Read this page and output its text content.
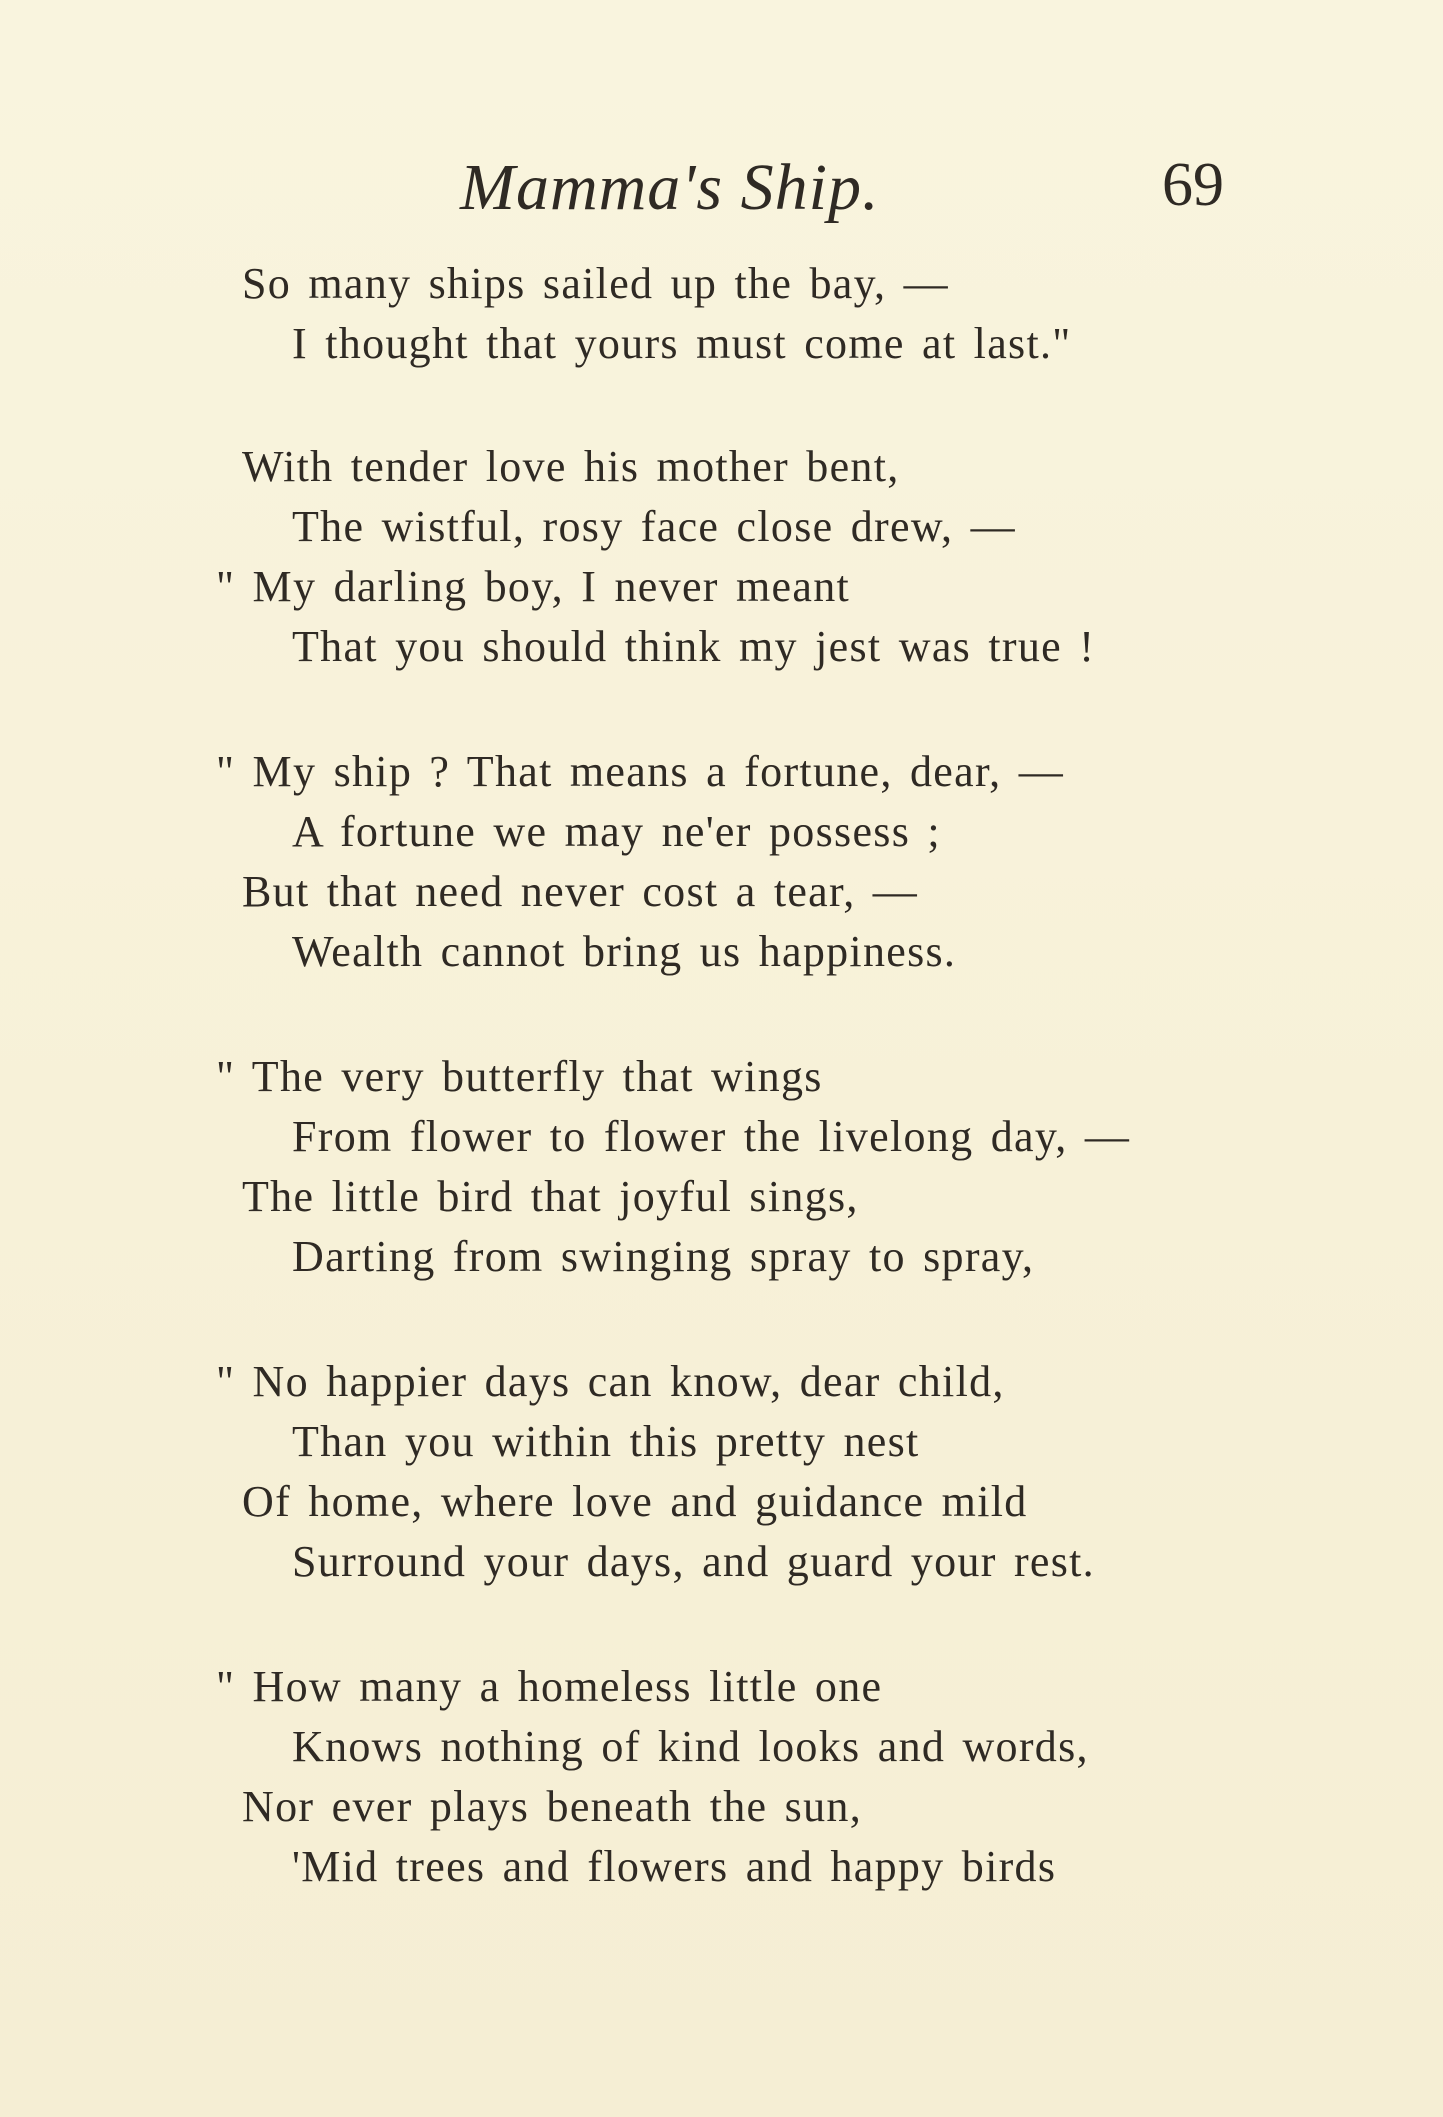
Mamma's Ship.	69
So many ships sailed up the bay, —
I thought that yours must come at last."
With tender love his mother bent,
The wistful, rosy face close drew, —
" My darling boy, I never meant
That you should think my jest was true !
" My ship ? That means a fortune, dear, —
A fortune we may ne'er possess ;
But that need never cost a tear, —
Wealth cannot bring us happiness.
" The very butterfly that wings
From flower to flower the livelong day, —
The little bird that joyful sings,
Darting from swinging spray to spray,
" No happier days can know, dear child,
Than you within this pretty nest
Of home, where love and guidance mild
Surround your days, and guard your rest.
" How many a homeless little one
Knows nothing of kind looks and words,
Nor ever plays beneath the sun,
'Mid trees and flowers and happy birds
